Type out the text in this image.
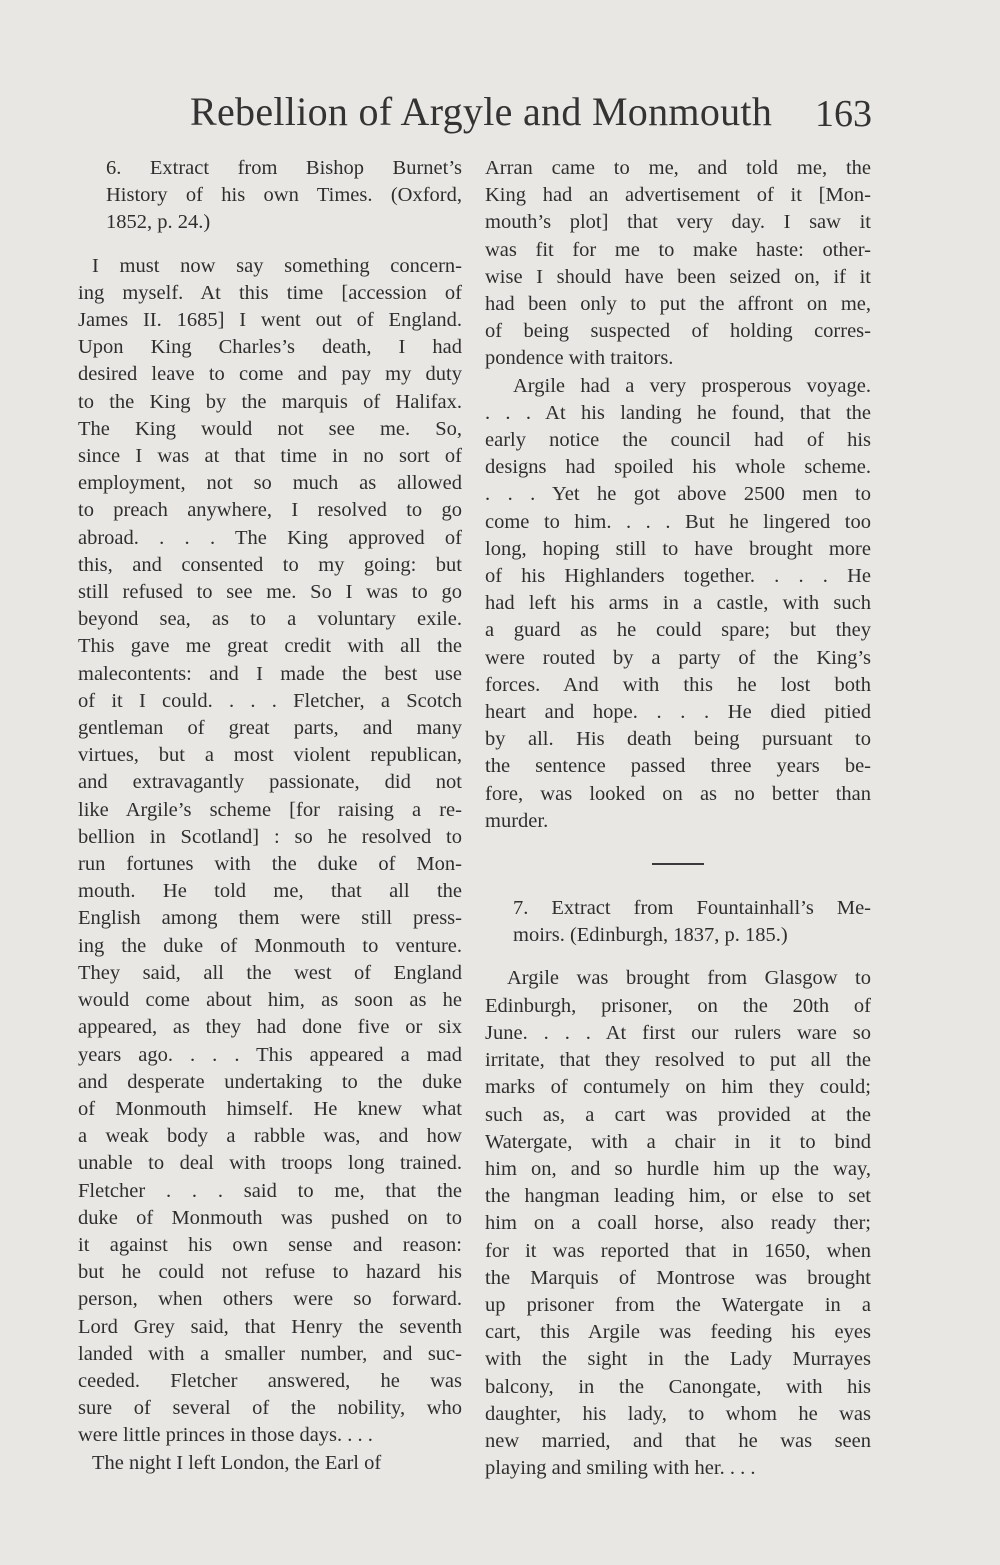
Rebellion of Argyle and Monmouth 163
6. Extract from Bishop Burnet’s
History of his own Times. (Oxford,
1852, p. 24.)
I must now say something concern-
ing myself. At this time [accession of
James II. 1685] I went out of England.
Upon King Charles’s death, I had
desired leave to come and pay my duty
to the King by the marquis of Halifax.
The King would not see me. So,
since I was at that time in no sort of
employment, not so much as allowed
to preach anywhere, I resolved to go
abroad. . . . The King approved of
this, and consented to my going: but
still refused to see me. So I was to go
beyond sea, as to a voluntary exile.
This gave me great credit with all the
malecontents: and I made the best use
of it I could. . . . Fletcher, a Scotch
gentleman of great parts, and many
virtues, but a most violent republican,
and extravagantly passionate, did not
like Argile’s scheme [for raising a re-
bellion in Scotland] : so he resolved to
run fortunes with the duke of Mon-
mouth. He told me, that all the
English among them were still press-
ing the duke of Monmouth to venture.
They said, all the west of England
would come about him, as soon as he
appeared, as they had done five or six
years ago. . . . This appeared a mad
and desperate undertaking to the duke
of Monmouth himself. He knew what
a weak body a rabble was, and how
unable to deal with troops long trained.
Fletcher . . . said to me, that the
duke of Monmouth was pushed on to
it against his own sense and reason:
but he could not refuse to hazard his
person, when others were so forward.
Lord Grey said, that Henry the seventh
landed with a smaller number, and suc-
ceeded. Fletcher answered, he was
sure of several of the nobility, who
were little princes in those days. . . .
The night I left London, the Earl of
Arran came to me, and told me, the
King had an advertisement of it [Mon-
mouth’s plot] that very day. I saw it
was fit for me to make haste: other-
wise I should have been seized on, if it
had been only to put the affront on me,
of being suspected of holding corres-
pondence with traitors.
Argile had a very prosperous voyage.
. . . At his landing he found, that the
early notice the council had of his
designs had spoiled his whole scheme.
. . . Yet he got above 2500 men to
come to him. . . . But he lingered too
long, hoping still to have brought more
of his Highlanders together. . . . He
had left his arms in a castle, with such
a guard as he could spare; but they
were routed by a party of the King’s
forces. And with this he lost both
heart and hope. . . . He died pitied
by all. His death being pursuant to
the sentence passed three years be-
fore, was looked on as no better than
murder.
7. Extract from Fountainhall’s Me-
moirs. (Edinburgh, 1837, p. 185.)
Argile was brought from Glasgow to
Edinburgh, prisoner, on the 20th of
June. . . . At first our rulers ware so
irritate, that they resolved to put all the
marks of contumely on him they could;
such as, a cart was provided at the
Watergate, with a chair in it to bind
him on, and so hurdle him up the way,
the hangman leading him, or else to set
him on a coall horse, also ready ther;
for it was reported that in 1650, when
the Marquis of Montrose was brought
up prisoner from the Watergate in a
cart, this Argile was feeding his eyes
with the sight in the Lady Murrayes
balcony, in the Canongate, with his
daughter, his lady, to whom he was
new married, and that he was seen
playing and smiling with her. . . .
